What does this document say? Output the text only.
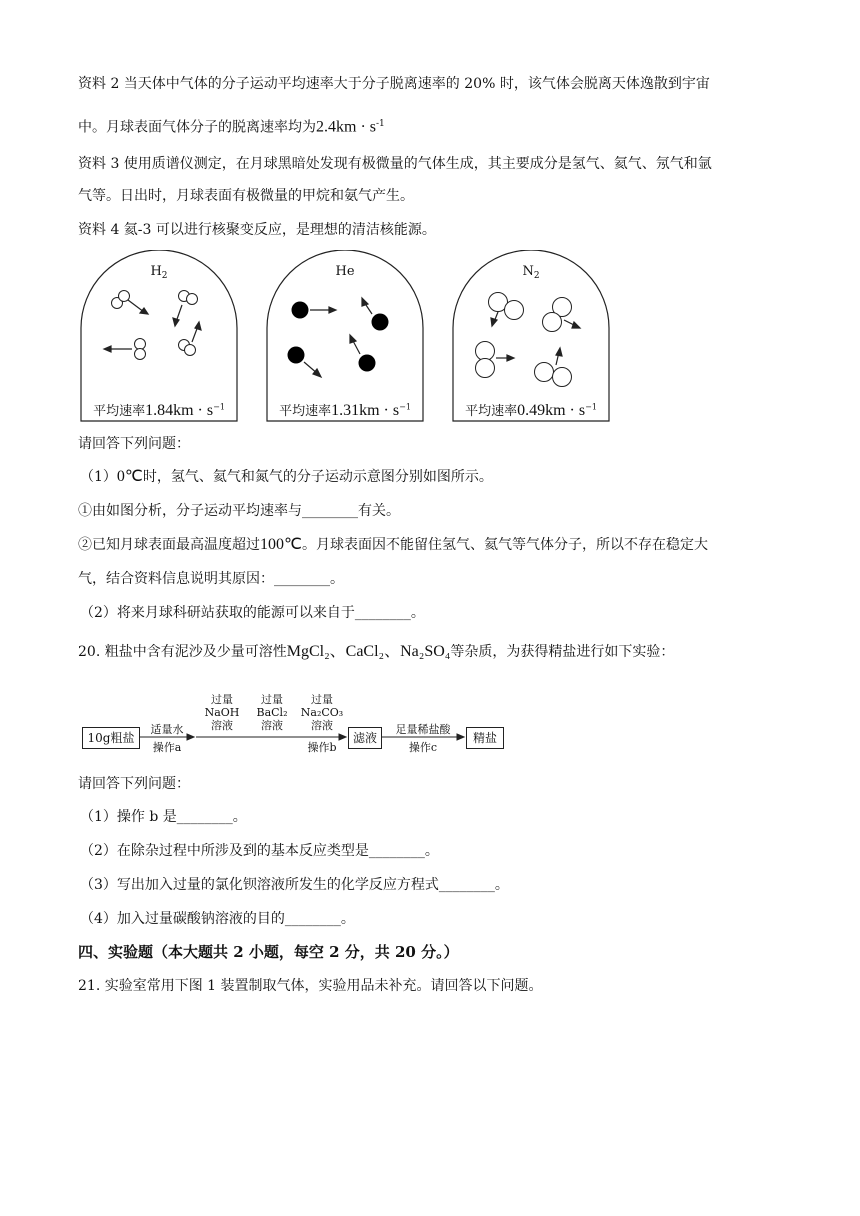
资料 2 当天体中气体的分子运动平均速率大于分子脱离速率的 20% 时，该气体会脱离天体逸散到宇宙
中。月球表面气体分子的脱离速率均为$2.4km \cdot s^{-1}$
资料 3 使用质谱仪测定，在月球黑暗处发现有极微量的气体生成，其主要成分是氢气、氦气、氖气和氩
气等。日出时，月球表面有极微量的甲烷和氨气产生。
资料 4 氦-3 可以进行核聚变反应，是理想的清洁核能源。
$H_2$
平均速率$1.84km \cdot s^{-1}$
He
平均速率$1.31km \cdot s^{-1}$
$N_2$
平均速率$0.49km \cdot s^{-1}$
请回答下列问题：
（1）0℃时，氢气、氦气和氮气的分子运动示意图分别如图所示。
①由如图分析，分子运动平均速率与________有关。
②已知月球表面最高温度超过100℃。月球表面因不能留住氢气、氦气等气体分子，所以不存在稳定大
气，结合资料信息说明其原因：________。
（2）将来月球科研站获取的能源可以来自于________。
20. 粗盐中含有泥沙及少量可溶性MgCl₂、CaCl₂、Na₂SO₄等杂质，为获得精盐进行如下实验：
10g粗盐
适量水
操作a
过量
NaOH
溶液
过量
BaCl₂
溶液
过量
Na₂CO₃
溶液
操作b
滤液
足量稀盐酸
操作c
精盐
请回答下列问题：
（1）操作 b 是________。
（2）在除杂过程中所涉及到的基本反应类型是________。
（3）写出加入过量的氯化钡溶液所发生的化学反应方程式________。
（4）加入过量碳酸钠溶液的目的________。
四、实验题（本大题共 2 小题，每空 2 分，共 20 分。）
21. 实验室常用下图 1 装置制取气体，实验用品未补充。请回答以下问题。
